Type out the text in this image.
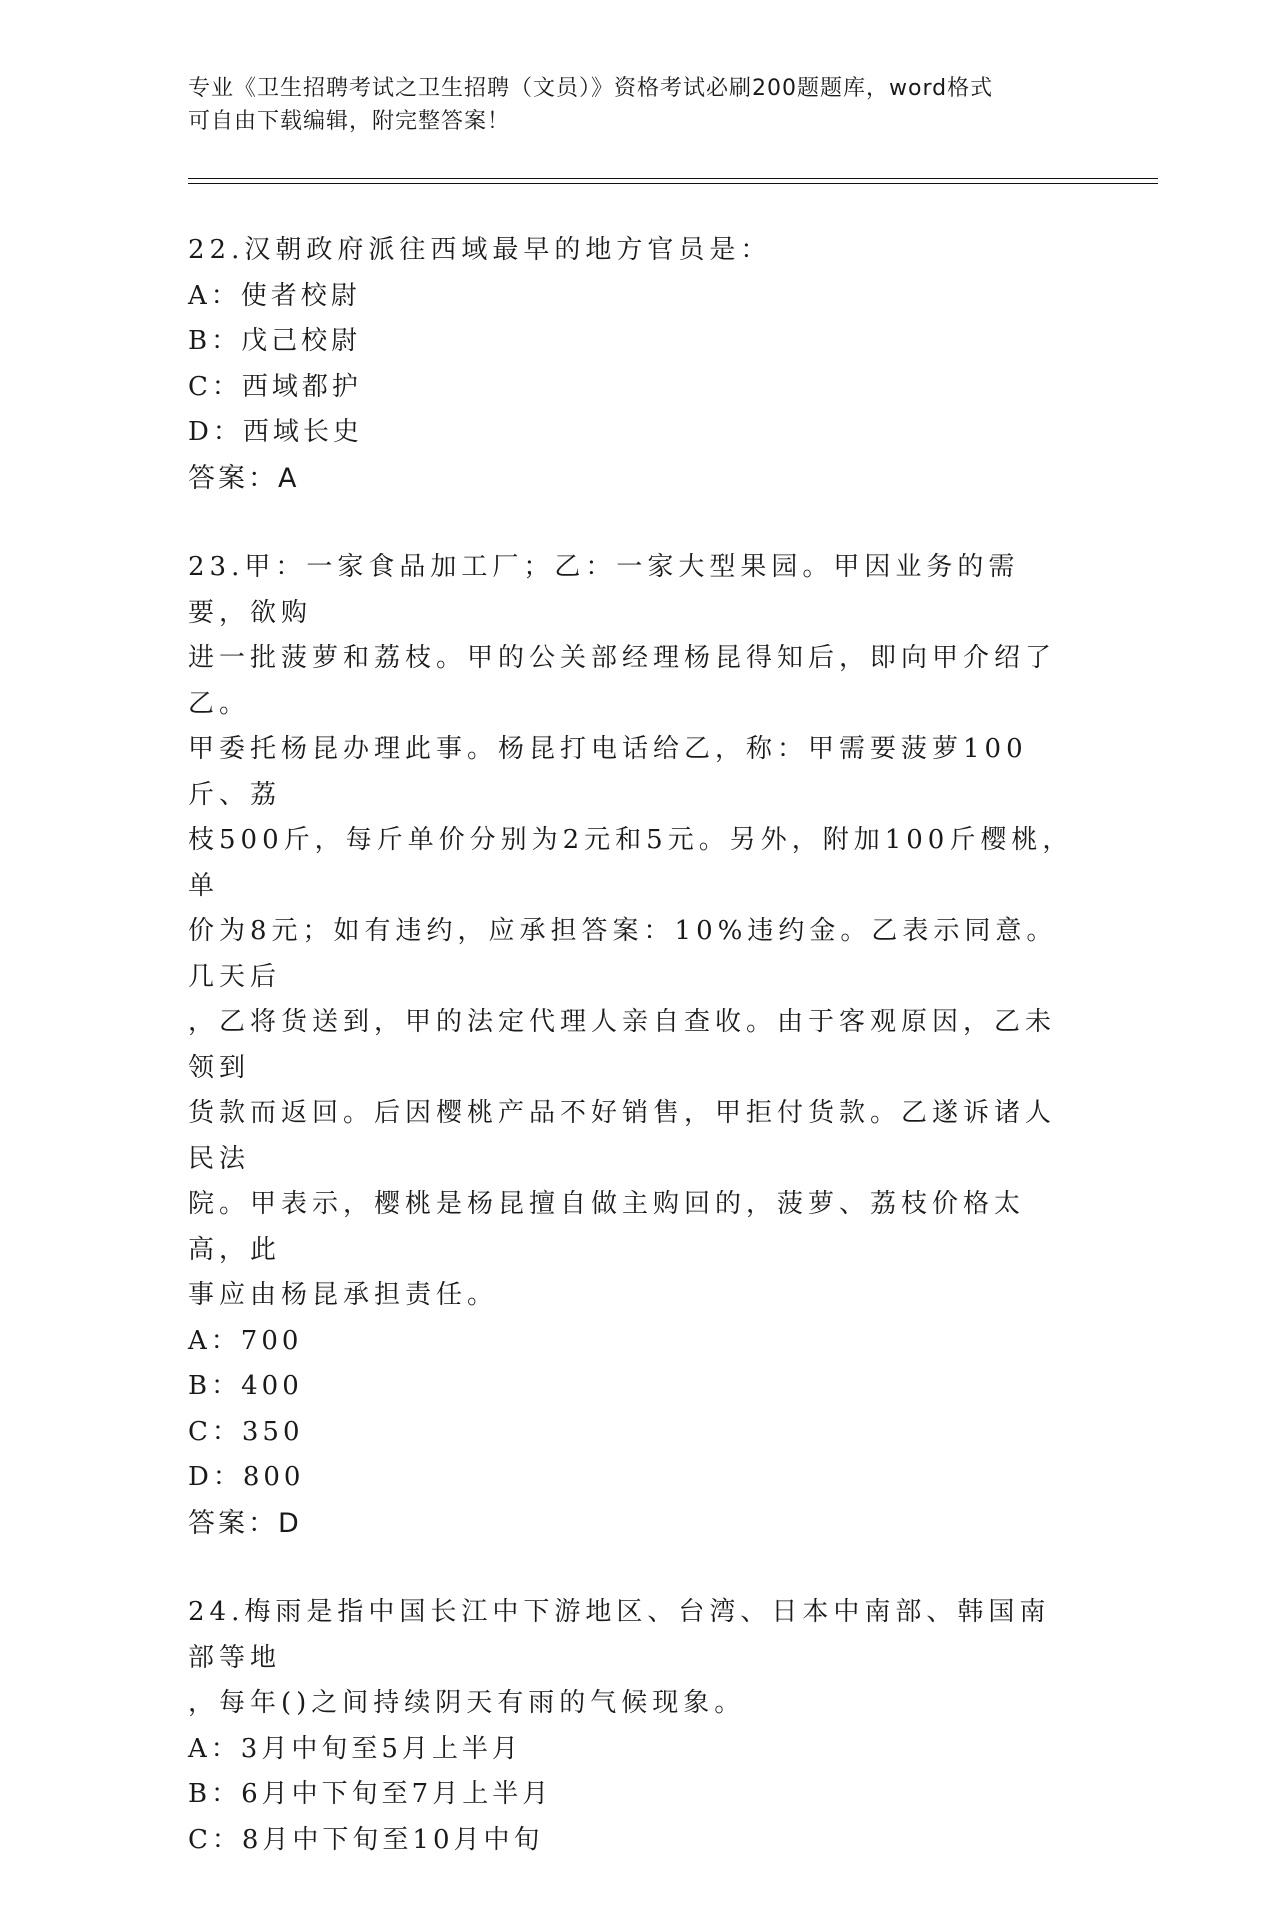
专业《卫生招聘考试之卫生招聘（文员）》资格考试必刷200题题库，word格式
可自由下载编辑，附完整答案！
22.汉朝政府派往西域最早的地方官员是：
A：使者校尉
B：戊己校尉
C：西域都护
D：西域长史
答案：A
23.甲：一家食品加工厂；乙：一家大型果园。甲因业务的需要，欲购
进一批菠萝和荔枝。甲的公关部经理杨昆得知后，即向甲介绍了乙。
甲委托杨昆办理此事。杨昆打电话给乙，称：甲需要菠萝100斤、荔
枝500斤，每斤单价分别为2元和5元。另外，附加100斤樱桃，单
价为8元；如有违约，应承担答案：10%违约金。乙表示同意。几天后
，乙将货送到，甲的法定代理人亲自查收。由于客观原因，乙未领到
货款而返回。后因樱桃产品不好销售，甲拒付货款。乙遂诉诸人民法
院。甲表示，樱桃是杨昆擅自做主购回的，菠萝、荔枝价格太高，此
事应由杨昆承担责任。
A：700
B：400
C：350
D：800
答案：D
24.梅雨是指中国长江中下游地区、台湾、日本中南部、韩国南部等地
，每年()之间持续阴天有雨的气候现象。
A：3月中旬至5月上半月
B：6月中下旬至7月上半月
C：8月中下旬至10月中旬
